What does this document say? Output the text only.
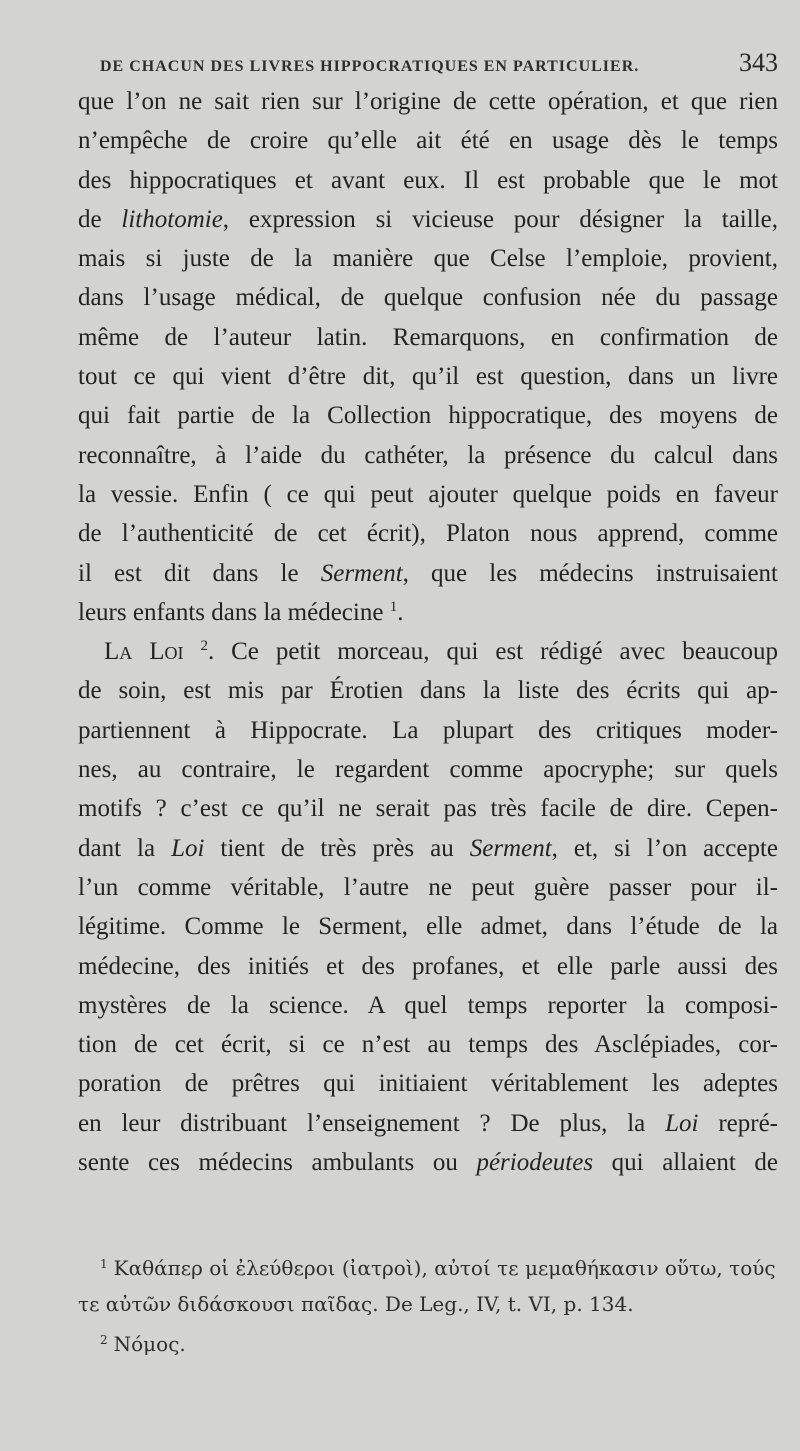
DE CHACUN DES LIVRES HIPPOCRATIQUES EN PARTICULIER.	343
que l’on ne sait rien sur l’origine de cette opération, et que rien
n’empêche de croire qu’elle ait été en usage dès le temps
des hippocratiques et avant eux. Il est probable que le mot
de lithotomie, expression si vicieuse pour désigner la taille,
mais si juste de la manière que Celse l’emploie, provient,
dans l’usage médical, de quelque confusion née du passage
même de l’auteur latin. Remarquons, en confirmation de
tout ce qui vient d’être dit, qu’il est question, dans un livre
qui fait partie de la Collection hippocratique, des moyens de
reconnaître, à l’aide du cathéter, la présence du calcul dans
la vessie. Enfin ( ce qui peut ajouter quelque poids en faveur
de l’authenticité de cet écrit), Platon nous apprend, comme
il est dit dans le Serment, que les médecins instruisaient
leurs enfants dans la médecine $^1$.
La Loi $^2$. Ce petit morceau, qui est rédigé avec beaucoup
de soin, est mis par Érotien dans la liste des écrits qui ap-
partiennent à Hippocrate. La plupart des critiques moder-
nes, au contraire, le regardent comme apocryphe; sur quels
motifs ? c’est ce qu’il ne serait pas très facile de dire. Cepen-
dant la Loi tient de très près au Serment, et, si l’on accepte
l’un comme véritable, l’autre ne peut guère passer pour il-
légitime. Comme le Serment, elle admet, dans l’étude de la
médecine, des initiés et des profanes, et elle parle aussi des
mystères de la science. A quel temps reporter la composi-
tion de cet écrit, si ce n’est au temps des Asclépiades, cor-
poration de prêtres qui initiaient véritablement les adeptes
en leur distribuant l’enseignement ? De plus, la Loi repré-
sente ces médecins ambulants ou périodeutes qui allaient de
$^1$ Καθάπερ οἱ ἐλεύθεροι (ἰατροὶ), αὐτοί τε μεμαθήκασιν οὕτω, τούς
τε αὐτῶν διδάσκουσι παῖδας. De Leg., IV, t. VI, p. 134.
$^2$ Νόμος.
